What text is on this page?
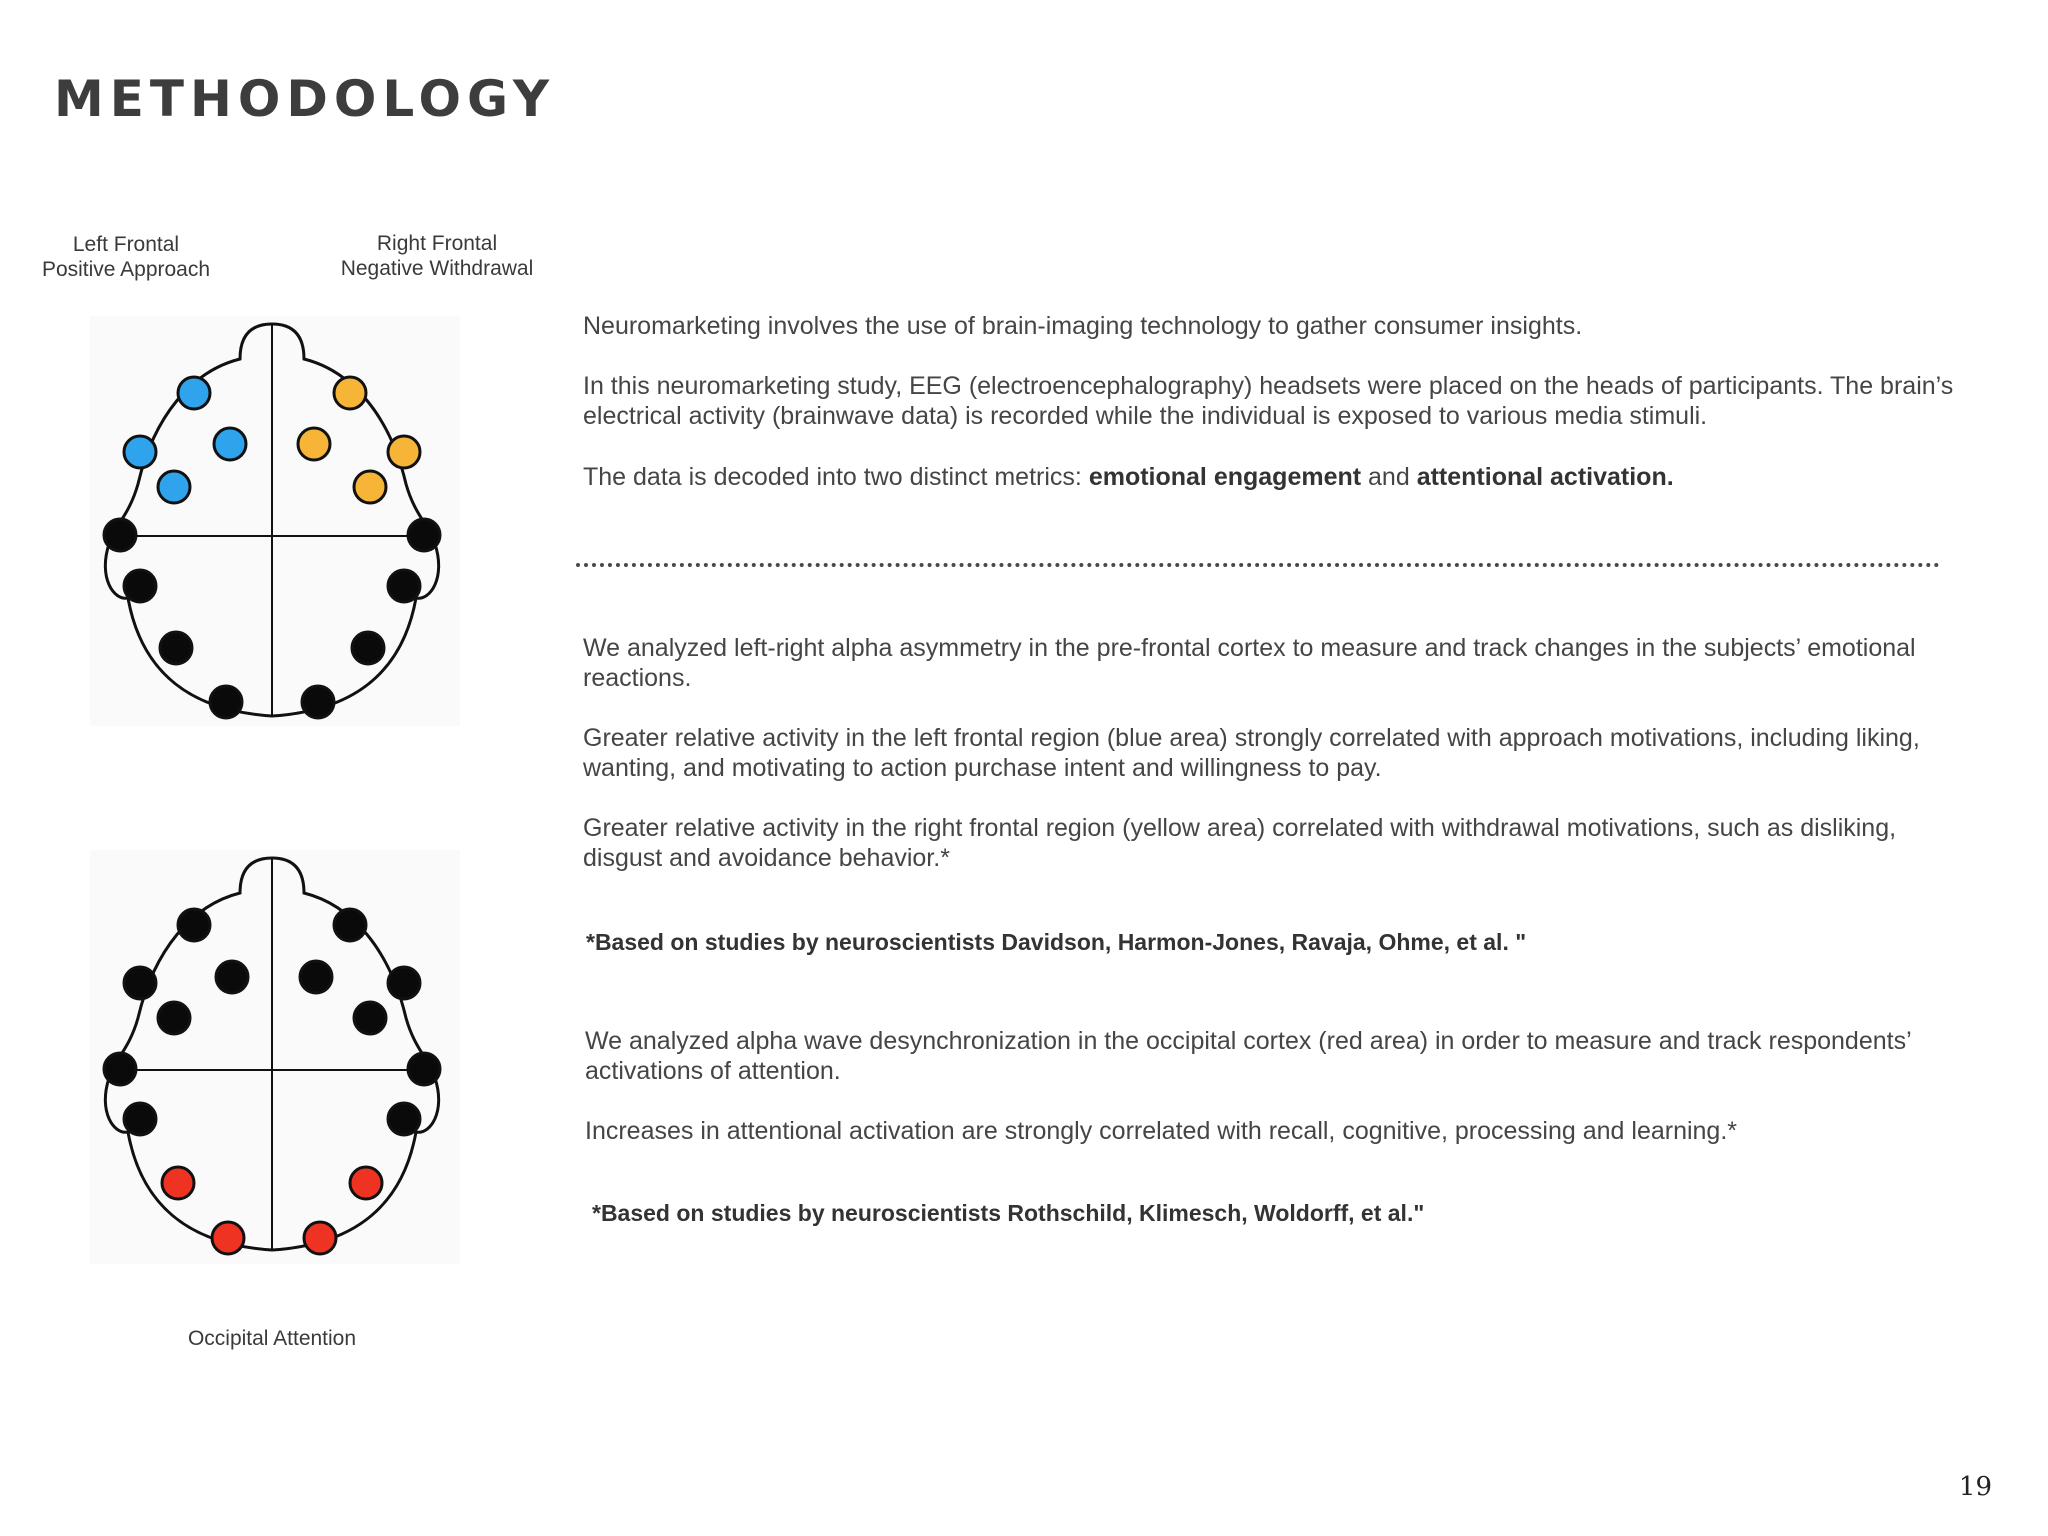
METHODOLOGY
Left Frontal
Positive Approach
Right Frontal
Negative Withdrawal
Occipital Attention

Neuromarketing involves the use of brain-imaging technology to gather consumer insights.

In this neuromarketing study, EEG (electroencephalography) headsets were placed on the heads of participants. The brain’s electrical activity (brainwave data) is recorded while the individual is exposed to various media stimuli.

The data is decoded into two distinct metrics: emotional engagement and attentional activation.

We analyzed left-right alpha asymmetry in the pre-frontal cortex to measure and track changes in the subjects’ emotional reactions.

Greater relative activity in the left frontal region (blue area) strongly correlated with approach motivations, including liking, wanting, and motivating to action purchase intent and willingness to pay.

Greater relative activity in the right frontal region (yellow area) correlated with withdrawal motivations, such as disliking, disgust and avoidance behavior.*

*Based on studies by neuroscientists Davidson, Harmon-Jones, Ravaja, Ohme, et al. "

We analyzed alpha wave desynchronization in the occipital cortex (red area) in order to measure and track respondents’ activations of attention.

Increases in attentional activation are strongly correlated with recall, cognitive, processing and learning.*

*Based on studies by neuroscientists Rothschild, Klimesch, Woldorff, et al."
19
